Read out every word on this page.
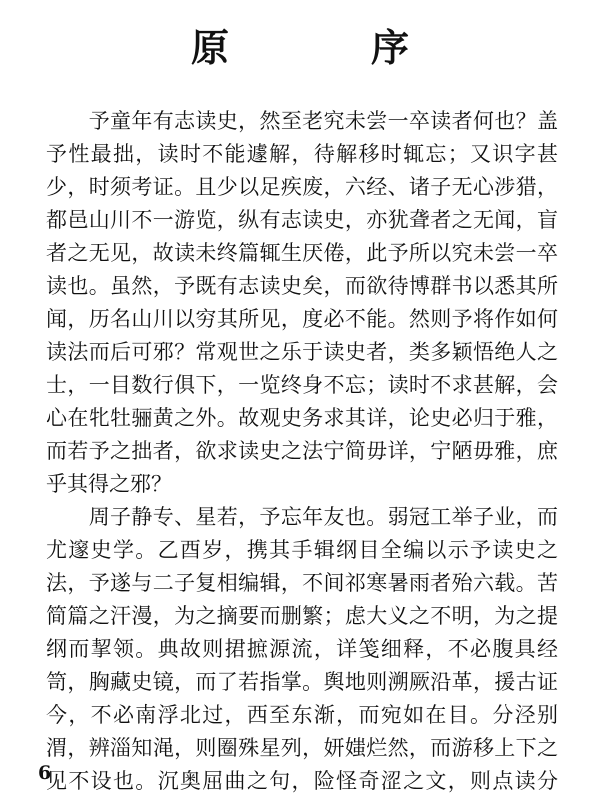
原　序
　　予童年有志读史，然至老究未尝一卒读者何也？盖
予性最拙，读时不能遽解，待解移时辄忘；又识字甚
少，时须考证。且少以足疾废，六经、诸子无心涉猎，
都邑山川不一游览，纵有志读史，亦犹聋者之无闻，盲
者之无见，故读未终篇辄生厌倦，此予所以究未尝一卒
读也。虽然，予既有志读史矣，而欲待博群书以悉其所
闻，历名山川以穷其所见，度必不能。然则予将作如何
读法而后可邪？常观世之乐于读史者，类多颖悟绝人之
士，一目数行俱下，一览终身不忘；读时不求甚解，会
心在牝牡骊黄之外。故观史务求其详，论史必归于雅，
而若予之拙者，欲求读史之法宁简毋详，宁陋毋雅，庶
乎其得之邪？
　　周子静专、星若，予忘年友也。弱冠工举子业，而
尤邃史学。乙酉岁，携其手辑纲目全编以示予读史之
法，予遂与二子复相编辑，不间祁寒暑雨者殆六载。苦
简篇之汗漫，为之摘要而删繁；虑大义之不明，为之提
纲而挈领。典故则捃摭源流，详笺细释，不必腹具经
笥，胸藏史镜，而了若指掌。舆地则溯厥沿革，援古证
今，不必南浮北过，西至东渐，而宛如在目。分泾别
渭，辨淄知渑，则圈殊星列，妍媸烂然，而游移上下之
见不设也。沉奥屈曲之句，险怪奇涩之文，则点读分
6
